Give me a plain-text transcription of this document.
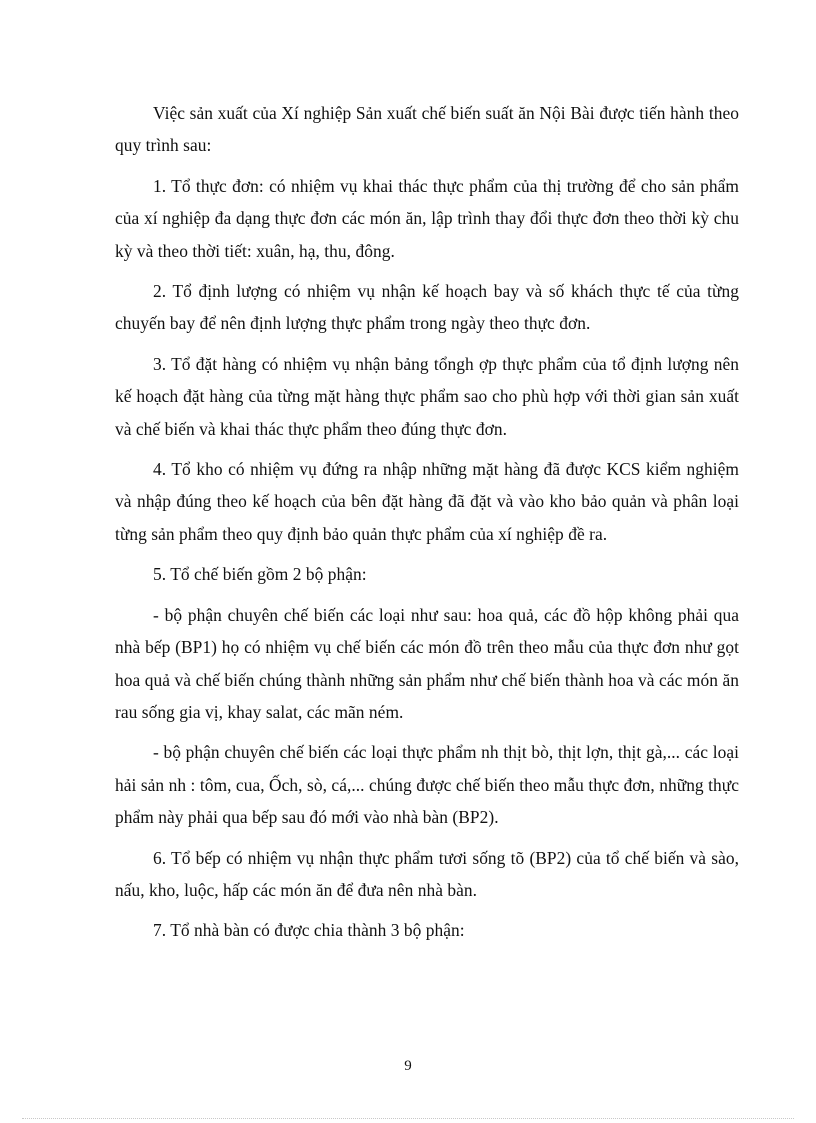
Việc sản xuất của Xí nghiệp Sản xuất chế biến suất ăn Nội Bài được tiến hành theo quy trình sau:

1. Tổ thực đơn: có nhiệm vụ khai thác thực phẩm của thị trường để cho sản phẩm của xí nghiệp đa dạng thực đơn các món ăn, lập trình thay đổi thực đơn theo thời kỳ chu kỳ và theo thời tiết: xuân, hạ, thu, đông.

2. Tổ định lượng có nhiệm vụ nhận kế hoạch bay và số khách thực tế của từng chuyến bay để nên định lượng thực phẩm trong ngày theo thực đơn.

3. Tổ đặt hàng có nhiệm vụ nhận bảng tổngh ợp thực phẩm của tổ định lượng nên kế hoạch đặt hàng của từng mặt hàng thực phẩm sao cho phù hợp với thời gian sản xuất và chế biến và khai thác thực phẩm theo đúng thực đơn.

4. Tổ kho có nhiệm vụ đứng ra nhập những mặt hàng đã được KCS kiểm nghiệm và nhập đúng theo kế hoạch của bên đặt hàng đã đặt và vào kho bảo quản và phân loại từng sản phẩm theo quy định bảo quản thực phẩm của xí nghiệp đề ra.

5. Tổ chế biến gồm 2 bộ phận:

- bộ phận chuyên chế biến các loại như sau: hoa quả, các đồ hộp không phải qua nhà bếp (BP1) họ có nhiệm vụ chế biến các món đồ trên theo mẫu của thực đơn như gọt hoa quả và chế biến chúng thành những sản phẩm như chế biến thành hoa và các món ăn rau sống gia vị, khay salat, các mãn ném.

- bộ phận chuyên chế biến các loại thực phẩm nh thịt bò, thịt lợn, thịt gà,... các loại hải sản nh : tôm, cua, Ốch, sò, cá,... chúng được chế biến theo mẫu thực đơn, những thực phẩm này phải qua bếp sau đó mới vào nhà bàn (BP2).

6. Tổ bếp có nhiệm vụ nhận thực phẩm tươi sống tõ (BP2) của tổ chế biến và sào, nấu, kho, luộc, hấp các món ăn để đưa nên nhà bàn.

7. Tổ nhà bàn có được chia thành 3 bộ phận:

9
